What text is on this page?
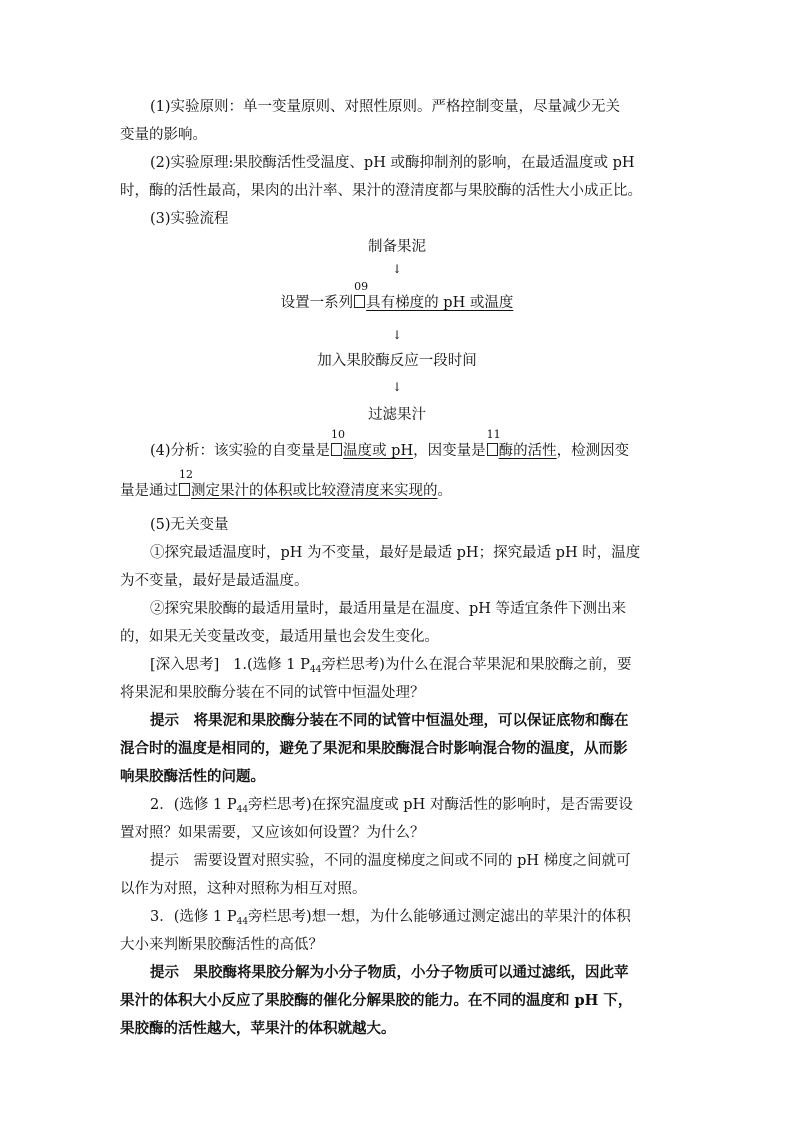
(1)实验原则：单一变量原则、对照性原则。严格控制变量，尽量减少无关
变量的影响。
(2)实验原理:果胶酶活性受温度、pH 或酶抑制剂的影响，在最适温度或 pH
时，酶的活性最高，果肉的出汁率、果汁的澄清度都与果胶酶的活性大小成正比。
(3)实验流程
制备果泥
↓
设置一系列
09
具有梯度的 pH 或温度
↓
加入果胶酶反应一段时间
↓
过滤果汁
(4)分析：该实验的自变量是
10
温度或 pH，因变量是
11
酶的活性，检测因变
量是通过
12
测定果汁的体积或比较澄清度来实现的。
(5)无关变量
①探究最适温度时，pH 为不变量，最好是最适 pH；探究最适 pH 时，温度
为不变量，最好是最适温度。
②探究果胶酶的最适用量时，最适用量是在温度、pH 等适宜条件下测出来
的，如果无关变量改变，最适用量也会发生变化。
[深入思考] 1.(选修 1 $P_{44}$旁栏思考)为什么在混合苹果泥和果胶酶之前，要
将果泥和果胶酶分装在不同的试管中恒温处理？
提示　将果泥和果胶酶分装在不同的试管中恒温处理，可以保证底物和酶在
混合时的温度是相同的，避免了果泥和果胶酶混合时影响混合物的温度，从而影
响果胶酶活性的问题。
2．(选修 1 $P_{44}$旁栏思考)在探究温度或 pH 对酶活性的影响时，是否需要设
置对照？如果需要，又应该如何设置？为什么？
提示　需要设置对照实验，不同的温度梯度之间或不同的 pH 梯度之间就可
以作为对照，这种对照称为相互对照。
3．(选修 1 $P_{44}$旁栏思考)想一想，为什么能够通过测定滤出的苹果汁的体积
大小来判断果胶酶活性的高低？
提示　果胶酶将果胶分解为小分子物质，小分子物质可以通过滤纸，因此苹
果汁的体积大小反应了果胶酶的催化分解果胶的能力。在不同的温度和 pH 下，
果胶酶的活性越大，苹果汁的体积就越大。
